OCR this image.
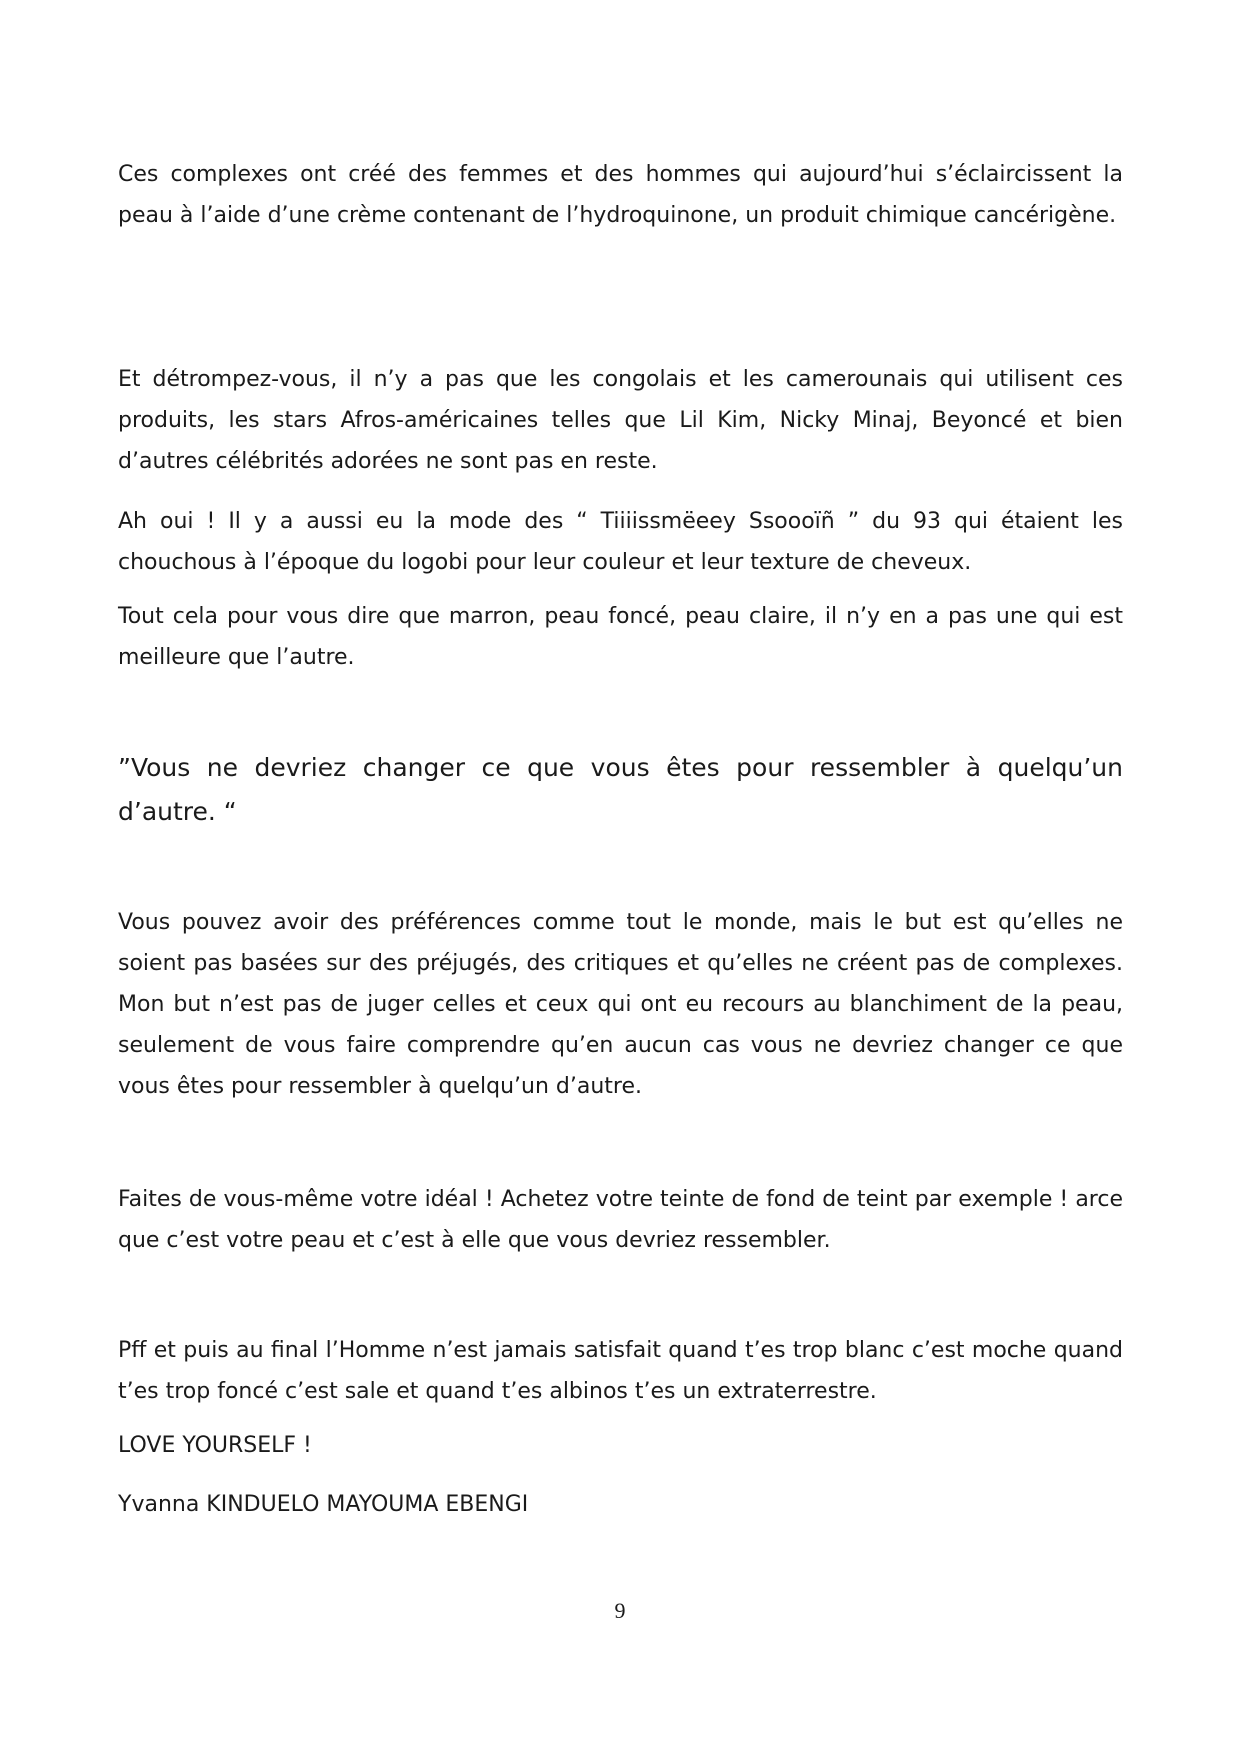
Ces complexes ont créé des femmes et des hommes qui aujourd’hui s’éclaircissent la peau à l’aide d’une crème contenant de l’hydroquinone, un produit chimique cancérigène.

Et détrompez-vous, il n’y a pas que les congolais et les camerounais qui utilisent ces produits, les stars Afros-américaines telles que Lil Kim, Nicky Minaj, Beyoncé et bien d’autres célébrités adorées ne sont pas en reste.

Ah oui ! Il y a aussi eu la mode des “ Tiiiissmëeey Ssoooïñ ” du 93 qui étaient les chouchous à l’époque du logobi pour leur couleur et leur texture de cheveux.

Tout cela pour vous dire que marron, peau foncé, peau claire, il n’y en a pas une qui est meilleure que l’autre.

”Vous ne devriez changer ce que vous êtes pour ressembler à quelqu’un d’autre. “

Vous pouvez avoir des préférences comme tout le monde, mais le but est qu’elles ne soient pas basées sur des préjugés, des critiques et qu’elles ne créent pas de complexes. Mon but n’est pas de juger celles et ceux qui ont eu recours au blanchiment de la peau, seulement de vous faire comprendre qu’en aucun cas vous ne devriez changer ce que vous êtes pour ressembler à quelqu’un d’autre.

Faites de vous-même votre idéal ! Achetez votre teinte de fond de teint par exemple ! arce que c’est votre peau et c’est à elle que vous devriez ressembler.

Pff et puis au final l’Homme n’est jamais satisfait quand t’es trop blanc c’est moche quand t’es trop foncé c’est sale et quand t’es albinos t’es un extraterrestre.

LOVE YOURSELF !

Yvanna KINDUELO MAYOUMA EBENGI

9
